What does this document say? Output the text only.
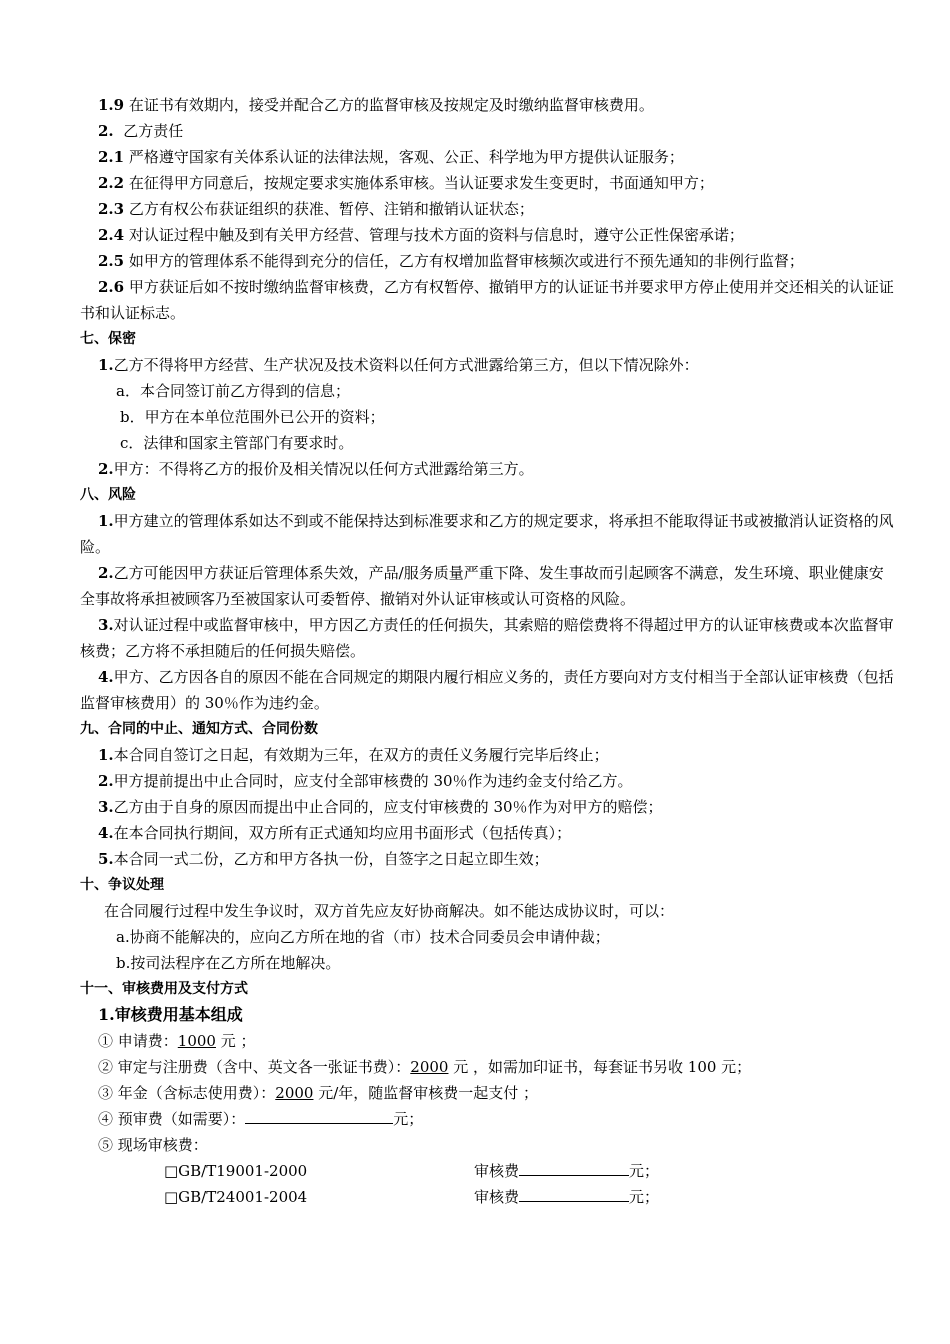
1.9 在证书有效期内，接受并配合乙方的监督审核及按规定及时缴纳监督审核费用。
2. 乙方责任
2.1 严格遵守国家有关体系认证的法律法规，客观、公正、科学地为甲方提供认证服务；
2.2 在征得甲方同意后，按规定要求实施体系审核。当认证要求发生变更时，书面通知甲方；
2.3 乙方有权公布获证组织的获准、暂停、注销和撤销认证状态；
2.4 对认证过程中触及到有关甲方经营、管理与技术方面的资料与信息时，遵守公正性保密承诺；
2.5 如甲方的管理体系不能得到充分的信任，乙方有权增加监督审核频次或进行不预先通知的非例行监督；
2.6 甲方获证后如不按时缴纳监督审核费，乙方有权暂停、撤销甲方的认证证书并要求甲方停止使用并交还相关的认证证书和认证标志。
七、保密
1.乙方不得将甲方经营、生产状况及技术资料以任何方式泄露给第三方，但以下情况除外：
a．本合同签订前乙方得到的信息；
b．甲方在本单位范围外已公开的资料；
c．法律和国家主管部门有要求时。
2.甲方：不得将乙方的报价及相关情况以任何方式泄露给第三方。
八、风险
1.甲方建立的管理体系如达不到或不能保持达到标准要求和乙方的规定要求，将承担不能取得证书或被撤消认证资格的风险。
2.乙方可能因甲方获证后管理体系失效，产品/服务质量严重下降、发生事故而引起顾客不满意，发生环境、职业健康安全事故将承担被顾客乃至被国家认可委暂停、撤销对外认证审核或认可资格的风险。
3.对认证过程中或监督审核中，甲方因乙方责任的任何损失，其索赔的赔偿费将不得超过甲方的认证审核费或本次监督审核费；乙方将不承担随后的任何损失赔偿。
4.甲方、乙方因各自的原因不能在合同规定的期限内履行相应义务的，责任方要向对方支付相当于全部认证审核费（包括监督审核费用）的 30％作为违约金。
九、合同的中止、通知方式、合同份数
1.本合同自签订之日起，有效期为三年，在双方的责任义务履行完毕后终止；
2.甲方提前提出中止合同时，应支付全部审核费的 30％作为违约金支付给乙方。
3.乙方由于自身的原因而提出中止合同的，应支付审核费的 30％作为对甲方的赔偿；
4.在本合同执行期间，双方所有正式通知均应用书面形式（包括传真）；
5.本合同一式二份，乙方和甲方各执一份，自签字之日起立即生效；
十、争议处理
在合同履行过程中发生争议时，双方首先应友好协商解决。如不能达成协议时，可以：
a.协商不能解决的，应向乙方所在地的省（市）技术合同委员会申请仲裁；
b.按司法程序在乙方所在地解决。
十一、审核费用及支付方式
1.审核费用基本组成
① 申请费：1000 元 ；
② 审定与注册费（含中、英文各一张证书费）：2000 元 ，如需加印证书，每套证书另收 100 元；
③ 年金（含标志使用费）：2000 元/年，随监督审核费一起支付 ；
④ 预审费（如需要）：	元；
⑤ 现场审核费：
□GB/T19001-2000	审核费	元；
□GB/T24001-2004	审核费	元；
